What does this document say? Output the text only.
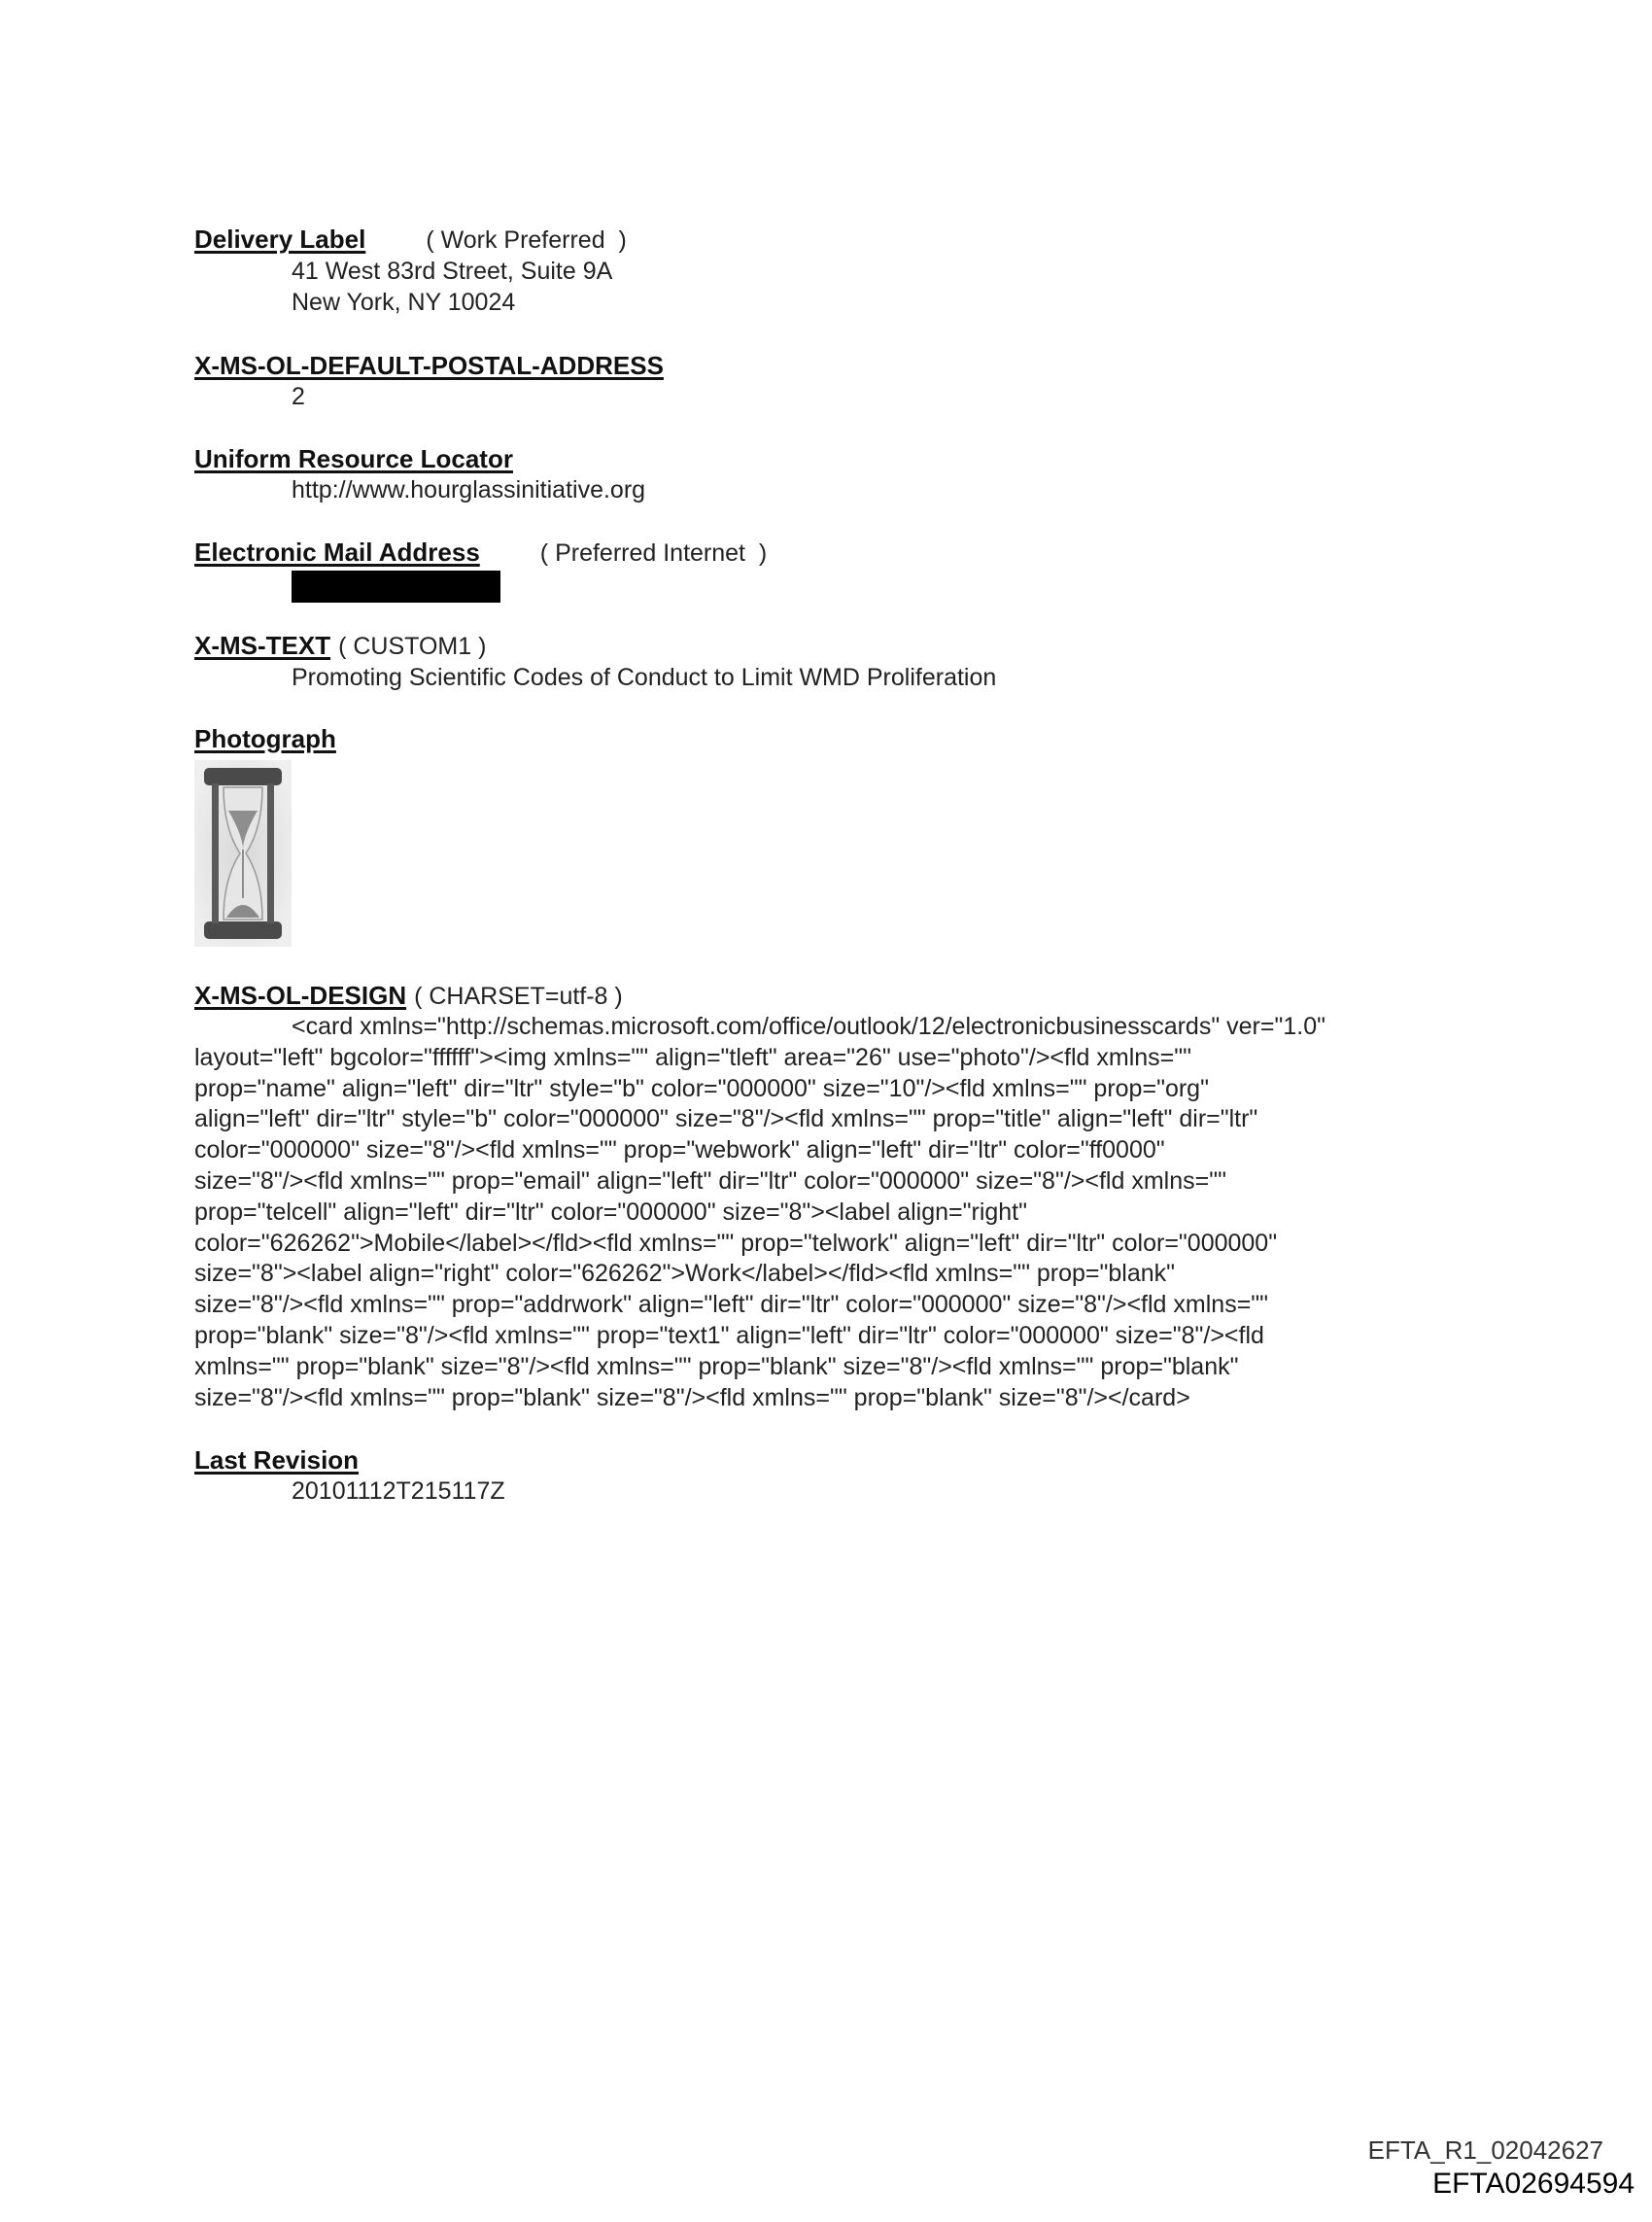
Delivery Label ( Work Preferred  )
41 West 83rd Street, Suite 9A
New York, NY 10024
X-MS-OL-DEFAULT-POSTAL-ADDRESS
2
Uniform Resource Locator
http://www.hourglassinitiative.org
Electronic Mail Address ( Preferred Internet  )
X-MS-TEXT ( CUSTOM1 )
Promoting Scientific Codes of Conduct to Limit WMD Proliferation
Photograph
X-MS-OL-DESIGN ( CHARSET=utf-8 )
<card xmlns="http://schemas.microsoft.com/office/outlook/12/electronicbusinesscards" ver="1.0"
layout="left" bgcolor="ffffff"><img xmlns="" align="tleft" area="26" use="photo"/><fld xmlns=""
prop="name" align="left" dir="ltr" style="b" color="000000" size="10"/><fld xmlns="" prop="org"
align="left" dir="ltr" style="b" color="000000" size="8"/><fld xmlns="" prop="title" align="left" dir="ltr"
color="000000" size="8"/><fld xmlns="" prop="webwork" align="left" dir="ltr" color="ff0000"
size="8"/><fld xmlns="" prop="email" align="left" dir="ltr" color="000000" size="8"/><fld xmlns=""
prop="telcell" align="left" dir="ltr" color="000000" size="8"><label align="right"
color="626262">Mobile</label></fld><fld xmlns="" prop="telwork" align="left" dir="ltr" color="000000"
size="8"><label align="right" color="626262">Work</label></fld><fld xmlns="" prop="blank"
size="8"/><fld xmlns="" prop="addrwork" align="left" dir="ltr" color="000000" size="8"/><fld xmlns=""
prop="blank" size="8"/><fld xmlns="" prop="text1" align="left" dir="ltr" color="000000" size="8"/><fld
xmlns="" prop="blank" size="8"/><fld xmlns="" prop="blank" size="8"/><fld xmlns="" prop="blank"
size="8"/><fld xmlns="" prop="blank" size="8"/><fld xmlns="" prop="blank" size="8"/></card>
Last Revision
20101112T215117Z
EFTA_R1_02042627
EFTA02694594
